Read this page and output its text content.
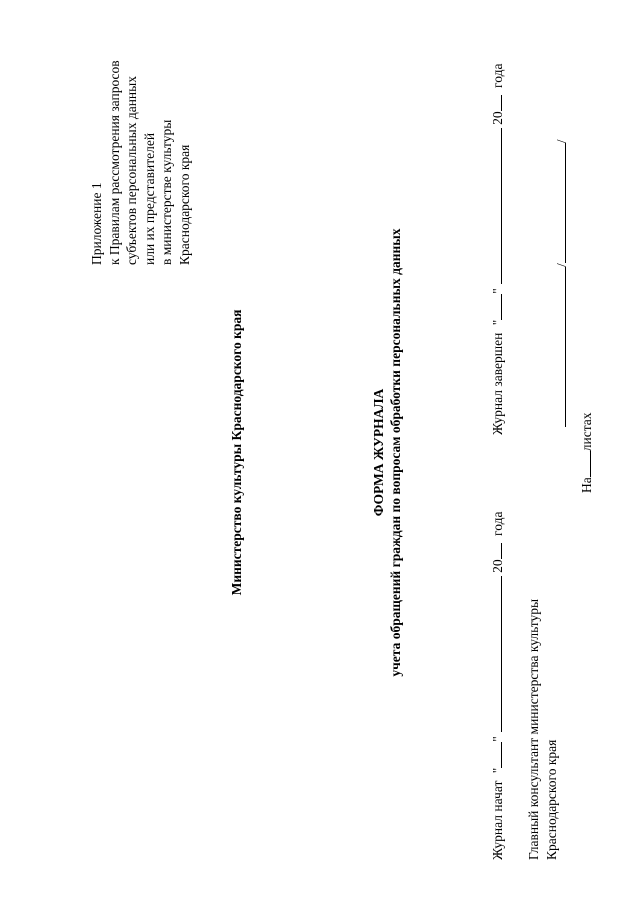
Приложение 1 к Правилам рассмотрения запросов субъектов персональных данных или их представителей в министерстве культуры Краснодарского края
Министерство культуры Краснодарского края	ФОРМА ЖУРНАЛА учета обращений граждан по вопросам обработки персональных данных
Журнал начат "" 20 года
Журнал завершен "" 20 года
Главный консультант министерства культуры Краснодарского края
//
Налистах
